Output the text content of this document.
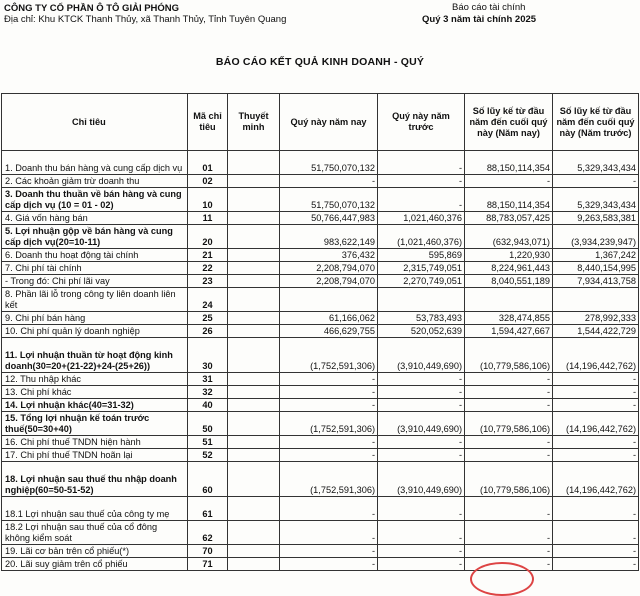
CÔNG TY CỔ PHẦN Ô TÔ GIẢI PHÓNG
Địa chỉ: Khu KTCK Thanh Thủy, xã Thanh Thủy, Tỉnh Tuyên Quang
Báo cáo tài chính
Quý 3 năm tài chính 2025
BÁO CÁO KẾT QUẢ KINH DOANH - QUÝ
Chỉ tiêu	Mã chỉ tiêu	Thuyết minh	Quý này năm nay	Quý này năm trước	Số lũy kế từ đầu năm đến cuối quý này (Năm nay)	Số lũy kế từ đầu năm đến cuối quý này (Năm trước)
1. Doanh thu bán hàng và cung cấp dịch vụ	01		51,750,070,132	-	88,150,114,354	5,329,343,434
2. Các khoản giảm trừ doanh thu	02		-	-	-	-
3. Doanh thu thuần về bán hàng và cung cấp dịch vụ (10 = 01 - 02)	10		51,750,070,132	-	88,150,114,354	5,329,343,434
4. Giá vốn hàng bán	11		50,766,447,983	1,021,460,376	88,783,057,425	9,263,583,381
5. Lợi nhuận gộp về bán hàng và cung cấp dịch vụ(20=10-11)	20		983,622,149	(1,021,460,376)	(632,943,071)	(3,934,239,947)
6. Doanh thu hoạt động tài chính	21		376,432	595,869	1,220,930	1,367,242
7. Chi phí tài chính	22		2,208,794,070	2,315,749,051	8,224,961,443	8,440,154,995
- Trong đó: Chi phí lãi vay	23		2,208,794,070	2,270,749,051	8,040,551,189	7,934,413,758
8. Phần lãi lỗ trong công ty liên doanh liên kết	24					
9. Chi phí bán hàng	25		61,166,062	53,783,493	328,474,855	278,992,333
10. Chi phí quản lý doanh nghiệp	26		466,629,755	520,052,639	1,594,427,667	1,544,422,729
11. Lợi nhuận thuần từ hoạt động kinh doanh(30=20+(21-22)+24-(25+26))	30		(1,752,591,306)	(3,910,449,690)	(10,779,586,106)	(14,196,442,762)
12. Thu nhập khác	31		-	-	-	-
13. Chi phí khác	32		-	-	-	-
14. Lợi nhuận khác(40=31-32)	40		-	-	-	-
15. Tổng lợi nhuận kế toán trước thuế(50=30+40)	50		(1,752,591,306)	(3,910,449,690)	(10,779,586,106)	(14,196,442,762)
16. Chi phí thuế TNDN hiện hành	51		-	-	-	-
17. Chi phí thuế TNDN hoãn lại	52		-	-	-	-
18. Lợi nhuận sau thuế thu nhập doanh nghiệp(60=50-51-52)	60		(1,752,591,306)	(3,910,449,690)	(10,779,586,106)	(14,196,442,762)
18.1 Lợi nhuận sau thuế của công ty mẹ	61		-	-	-	-
18.2 Lợi nhuận sau thuế của cổ đông không kiểm soát	62		-	-	-	-
19. Lãi cơ bản trên cổ phiếu(*)	70		-	-	-	-
20. Lãi suy giảm trên cổ phiếu	71		-	-	-	-
